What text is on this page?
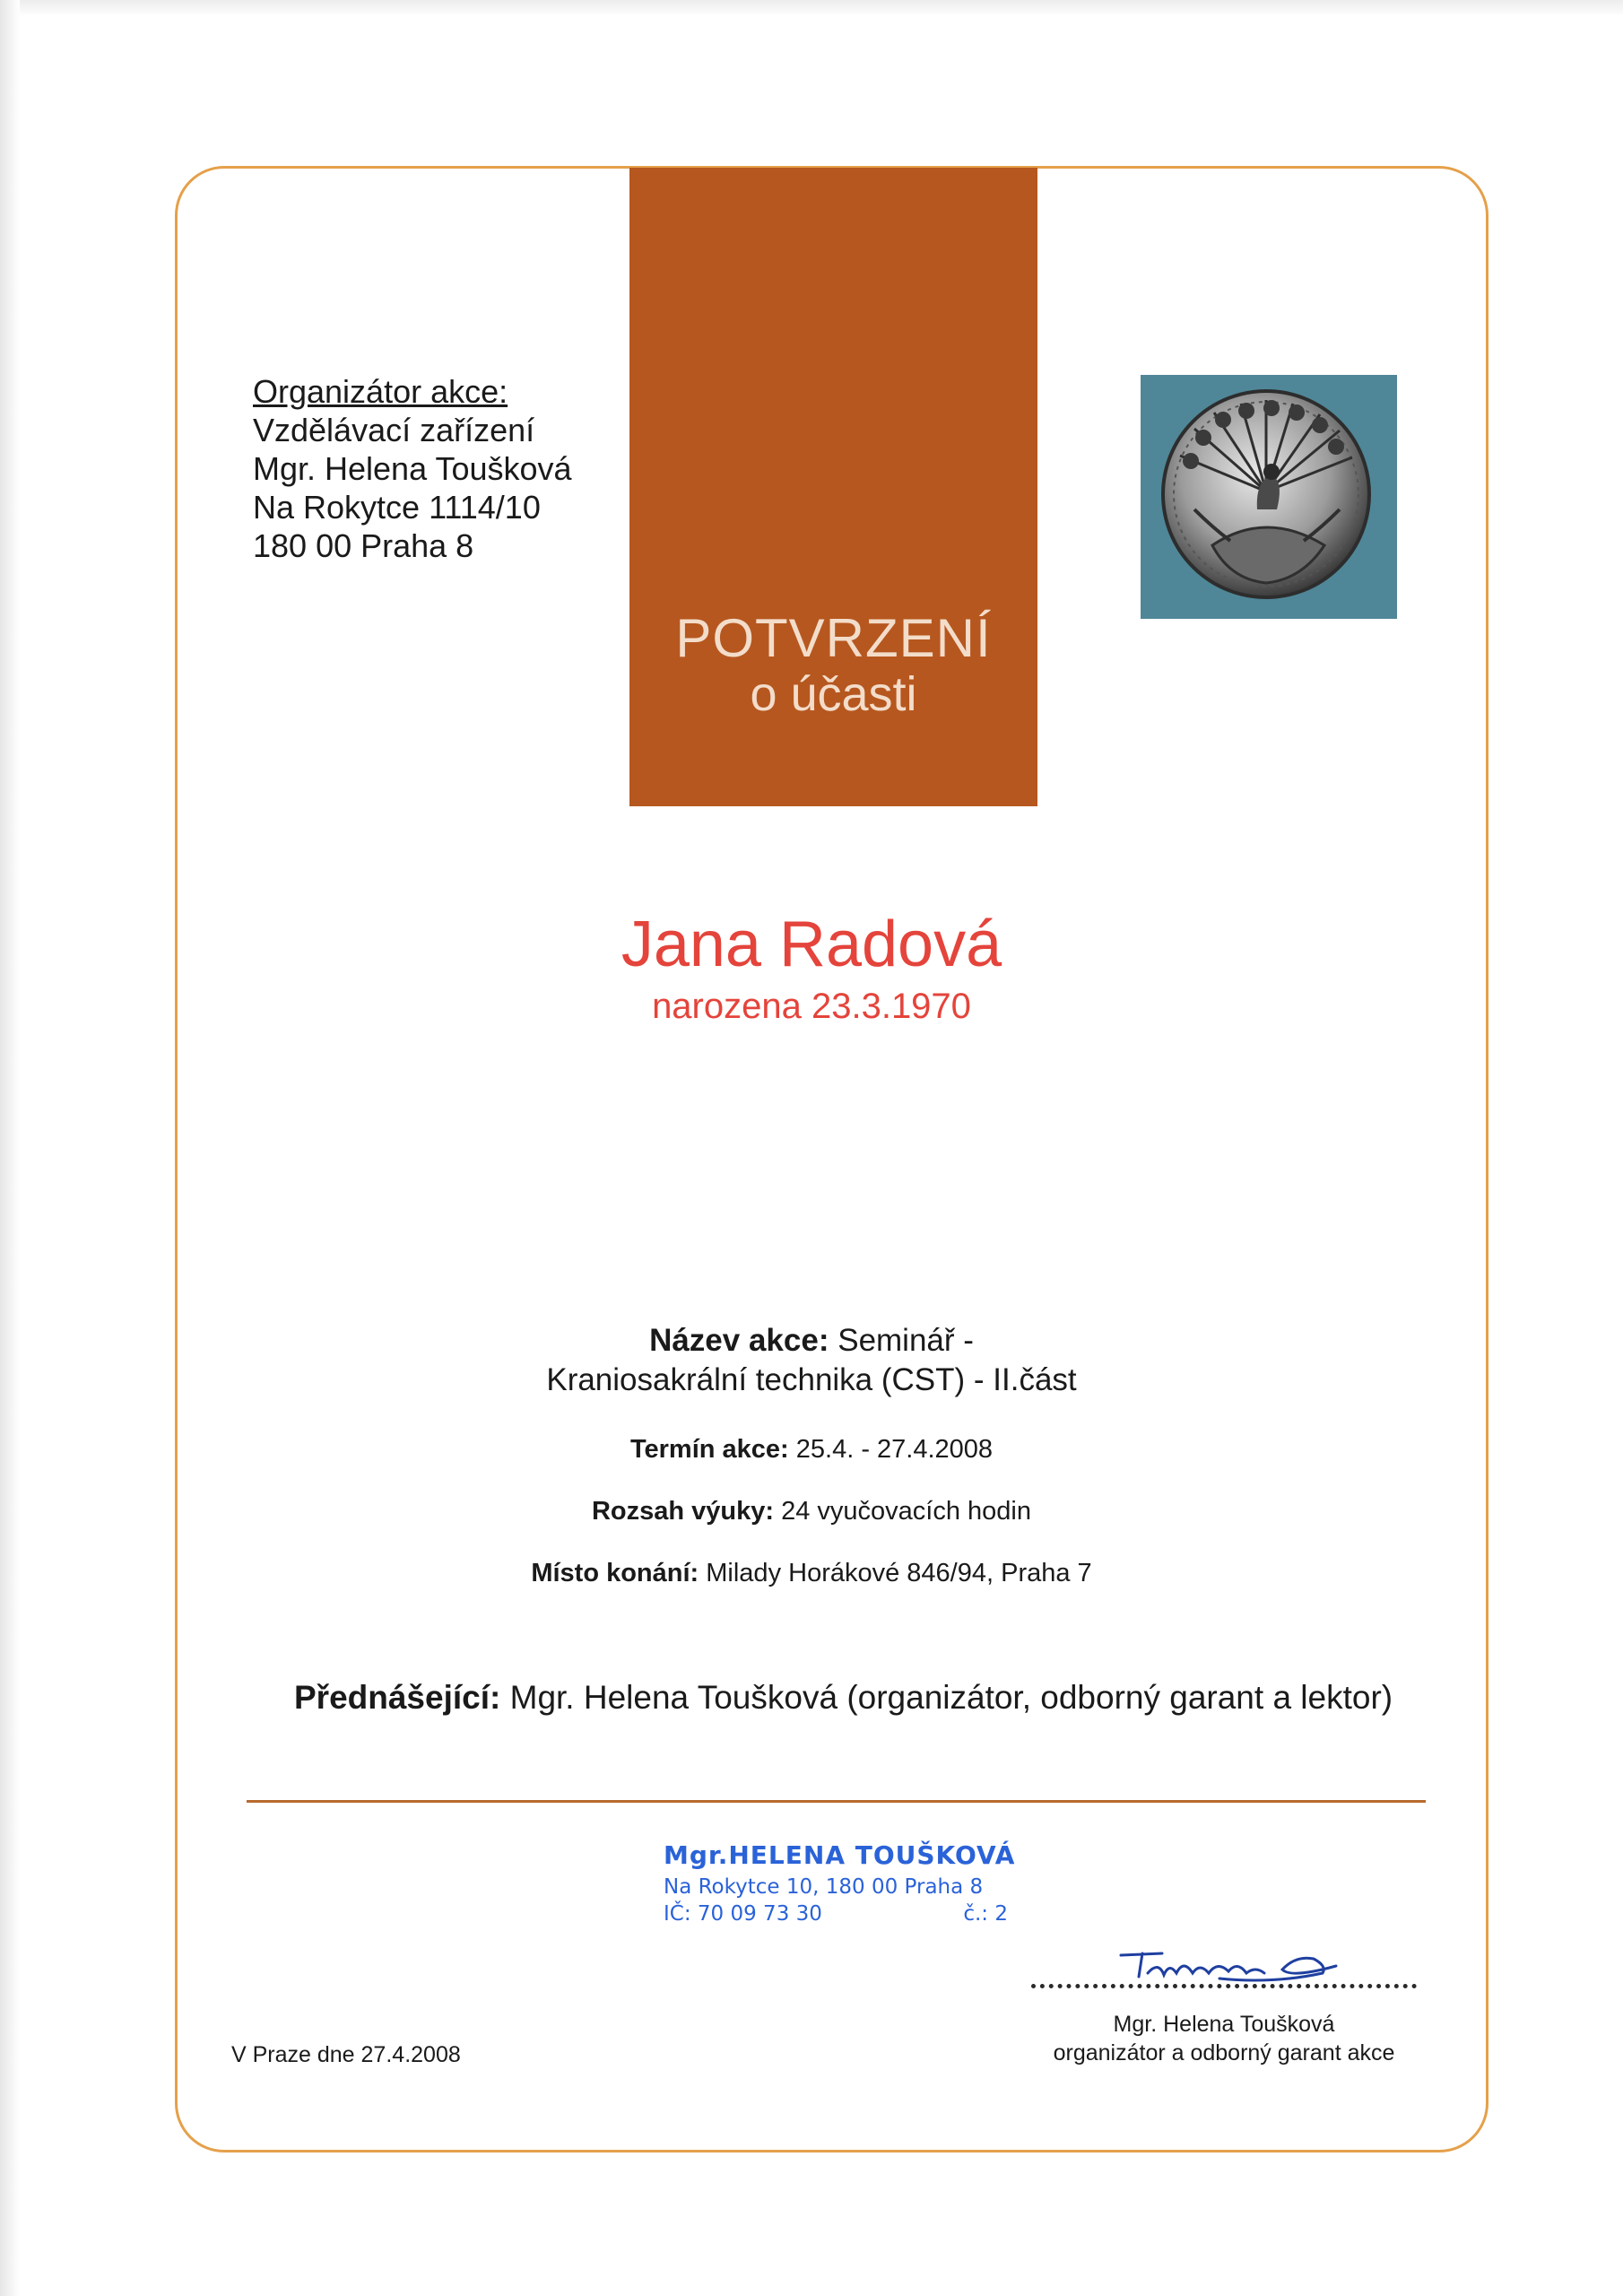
POTVRZENÍ
o účasti
Organizátor akce:
Vzdělávací zařízení
Mgr. Helena Toušková
Na Rokytce 1114/10
180 00 Praha 8
Jana Radová
narozena 23.3.1970
Název akce: Seminář -
Kraniosakrální technika (CST) - II.část
Termín akce: 25.4. - 27.4.2008
Rozsah výuky: 24 vyučovacích hodin
Místo konání: Milady Horákové 846/94, Praha 7
Přednášející: Mgr. Helena Toušková (organizátor, odborný garant a lektor)
Mgr.HELENA TOUŠKOVÁ
Na Rokytce 10, 180 00 Praha 8
IČ: 70 09 73 30	č.: 2
Mgr. Helena Toušková
organizátor a odborný garant akce
V Praze dne 27.4.2008
